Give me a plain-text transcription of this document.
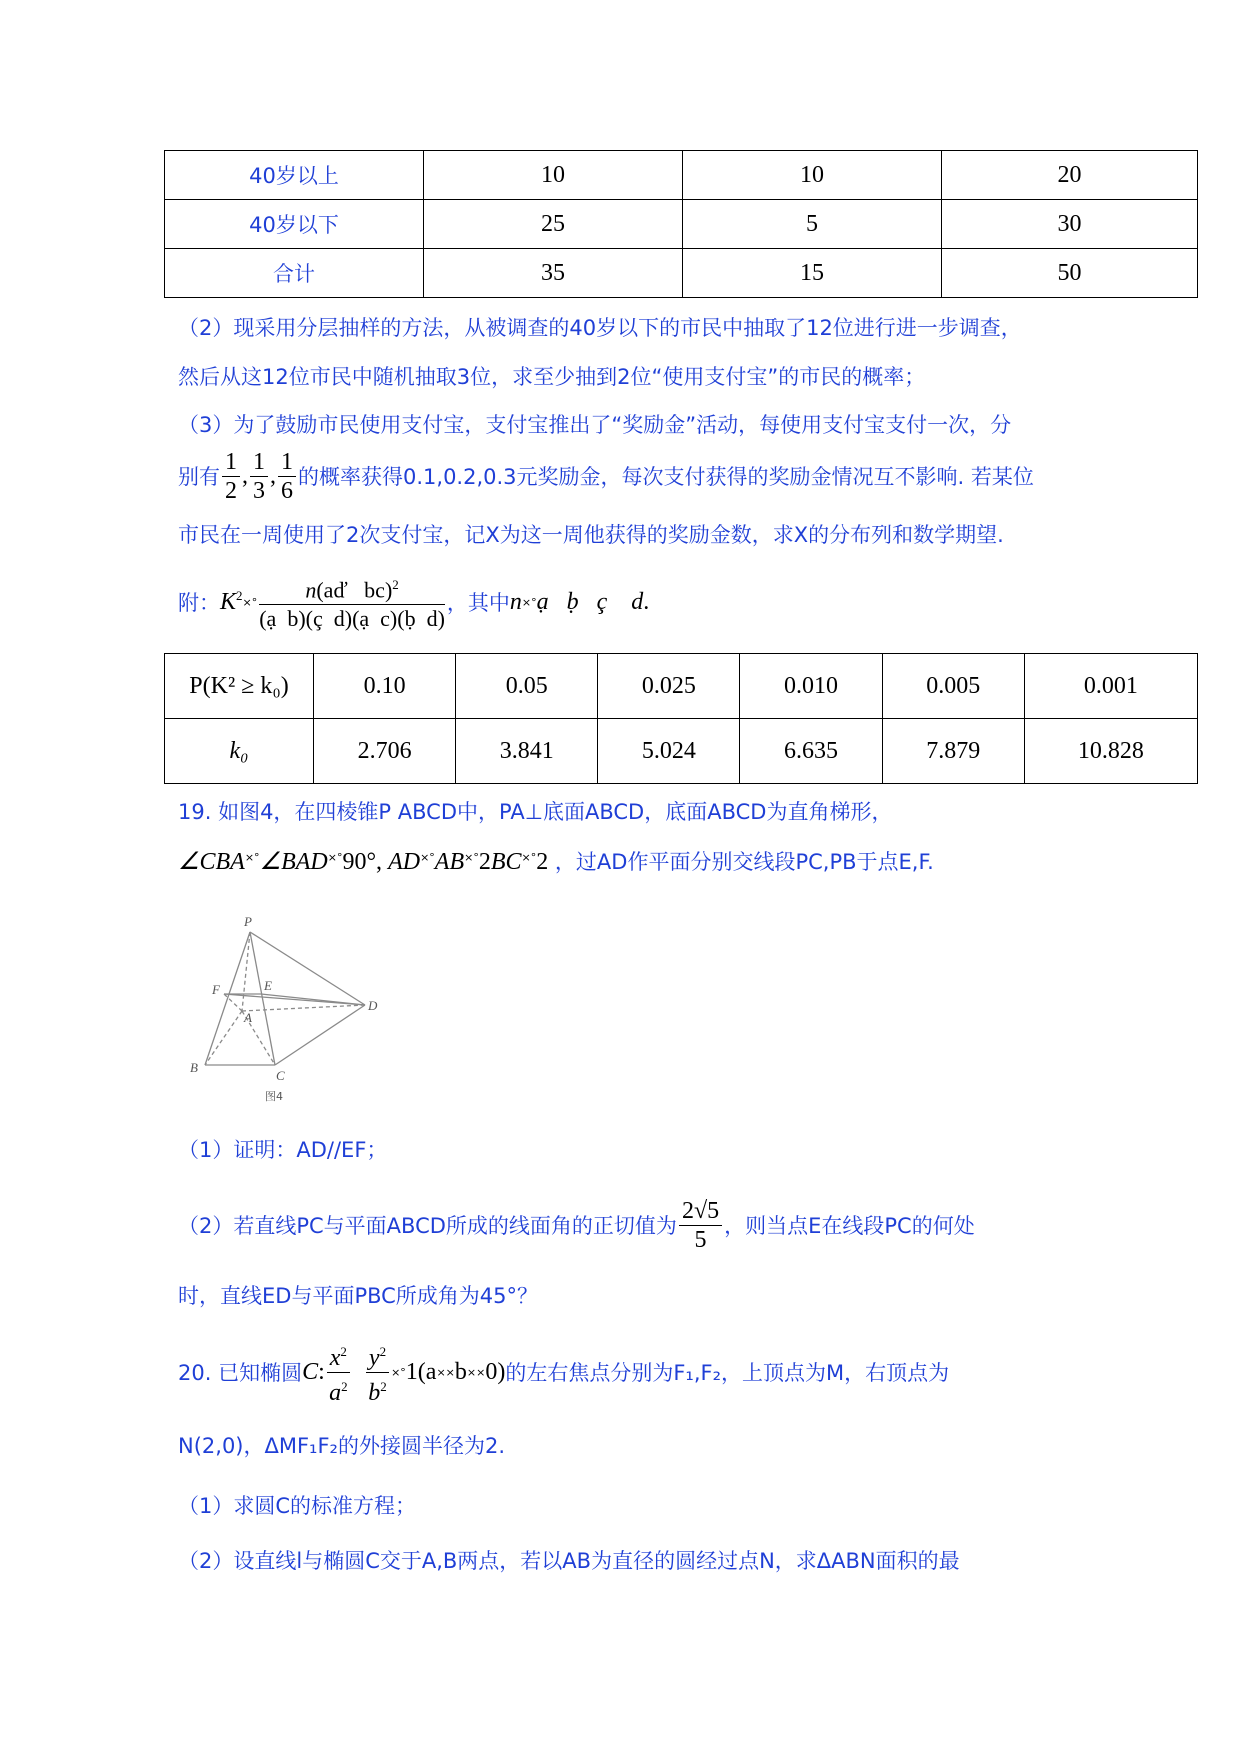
40岁以上	10	10	20
40岁以下	25	5	30
合计	35	15	50
（2）现采用分层抽样的方法，从被调查的40岁以下的市民中抽取了12位进行进一步调查，
然后从这12位市民中随机抽取3位，求至少抽到2位“使用支付宝”的市民的概率；
（3）为了鼓励市民使用支付宝，支付宝推出了“奖励金”活动，每使用支付宝支付一次，分
别有 $\frac{1}{2}$ , $\frac{1}{3}$ , $\frac{1}{6}$ 的概率获得0.1,0.2,0.3元奖励金，每次支付获得的奖励金情况互不影响. 若某位
市民在一周使用了2次支付宝，记X为这一周他获得的奖励金数，求X的分布列和数学期望.
附： $K^2$ ×° $\frac{n(aď bc)^2}{\text{(ạ  b)(ç  d)(ạ  c)(ḅ  d)}}$ ，其中 n ×° ạ   ḅ   ç    d.
P(K² ≥ k₀)	0.10	0.05	0.025	0.010	0.005	0.001
k₀	2.706	3.841	5.024	6.635	7.879	10.828
19. 如图4，在四棱锥P ABCD中，PA⊥底面ABCD，底面ABCD为直角梯形，
∠CBA×°∠BAD×°90°, AD×°AB×°2BC×°2 ，过AD作平面分别交线段PC,PB于点E,F.
P
E
F
A
D
B
C
图4
（1）证明：AD//EF；
（2）若直线PC与平面ABCD所成的线面角的正切值为 $\frac{2√5}{5}$ ，则当点E在线段PC的何处
时，直线ED与平面PBC所成角为45°？
20. 已知椭圆 C: $\frac{x^2}{a^2}$
$\frac{y^2}{b^2}$ ×° 1(a ×× b ×× 0) 的左右焦点分别为F₁,F₂，上顶点为M，右顶点为
N(2,0)，ΔMF₁F₂的外接圆半径为2.
（1）求圆C的标准方程；
（2）设直线l与椭圆C交于A,B两点，若以AB为直径的圆经过点N，求ΔABN面积的最
